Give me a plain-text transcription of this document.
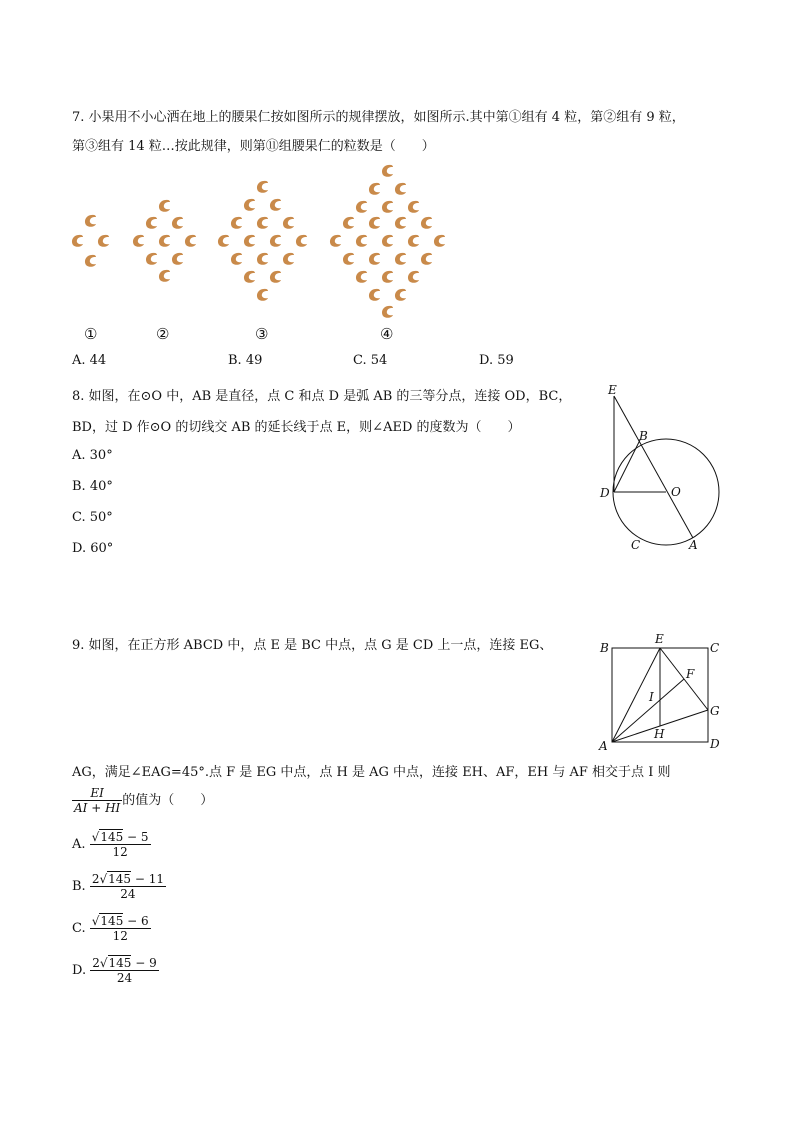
7. 小果用不小心洒在地上的腰果仁按如图所示的规律摆放，如图所示.其中第①组有 4 粒，第②组有 9 粒，
第③组有 14 粒…按此规律，则第⑪组腰果仁的粒数是（　　）
①	②	③	④
A. 44	B. 49	C. 54	D. 59
8. 如图，在⊙O 中，AB 是直径，点 C 和点 D 是弧 AB 的三等分点，连接 OD，BC，
BD，过 D 作⊙O 的切线交 AB 的延长线于点 E，则∠AED 的度数为（　　）
A. 30°
B. 40°
C. 50°
D. 60°
E
B
D	O
C	A
9. 如图，在正方形 ABCD 中，点 E 是 BC 中点，点 G 是 CD 上一点，连接 EG、
AG，满足∠EAG=45°.点 F 是 EG 中点，点 H 是 AG 中点，连接 EH、AF，EH 与 AF 相交于点 I 则
$\frac{EI}{AI + HI}$ 的值为（　　）
A. $\frac{√145 - 5}{12}$
B. $\frac{2√145 - 11}{24}$
C. $\frac{√145 - 6}{12}$
D. $\frac{2√145 - 9}{24}$
B
E
C
F
I
G
A
H
D
